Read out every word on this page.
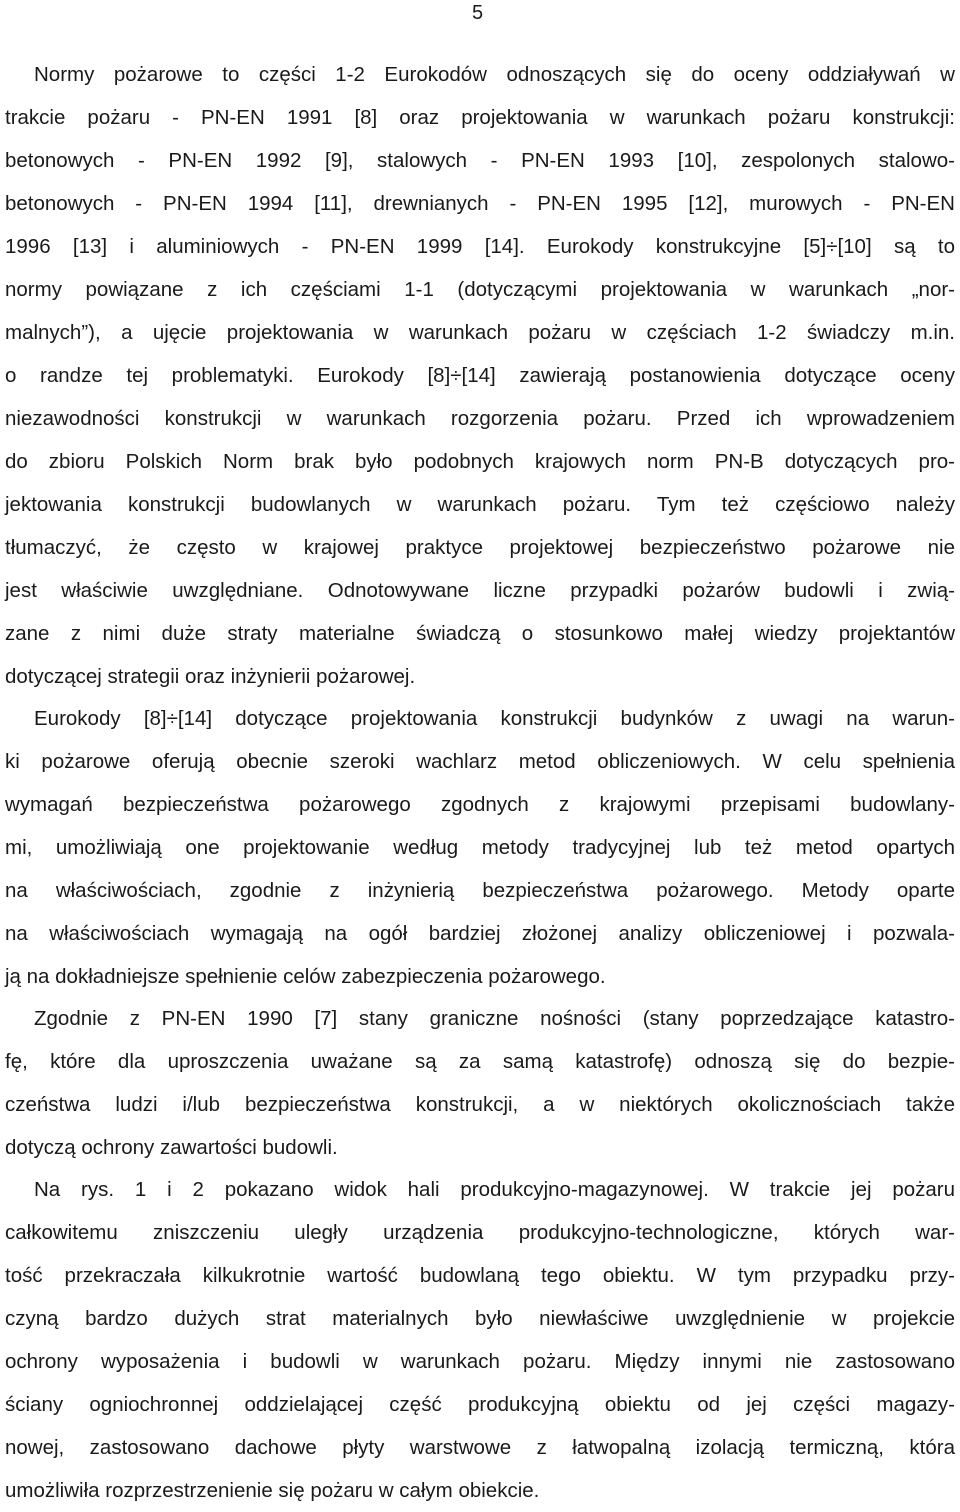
5
Normy pożarowe to części 1-2 Eurokodów odnoszących się do oceny oddziaływań w
trakcie pożaru - PN-EN 1991 [8] oraz projektowania w warunkach pożaru konstrukcji:
betonowych - PN-EN 1992 [9], stalowych - PN-EN 1993 [10], zespolonych stalowo-
betonowych - PN-EN 1994 [11], drewnianych - PN-EN 1995 [12], murowych - PN-EN
1996 [13] i aluminiowych - PN-EN 1999 [14]. Eurokody konstrukcyjne [5]÷[10] są to
normy powiązane z ich częściami 1-1 (dotyczącymi projektowania w warunkach „nor-
malnych”), a ujęcie projektowania w warunkach pożaru w częściach 1-2 świadczy m.in.
o randze tej problematyki. Eurokody [8]÷[14] zawierają postanowienia dotyczące oceny
niezawodności konstrukcji w warunkach rozgorzenia pożaru. Przed ich wprowadzeniem
do zbioru Polskich Norm brak było podobnych krajowych norm PN-B dotyczących pro-
jektowania konstrukcji budowlanych w warunkach pożaru. Tym też częściowo należy
tłumaczyć, że często w krajowej praktyce projektowej bezpieczeństwo pożarowe nie
jest właściwie uwzględniane. Odnotowywane liczne przypadki pożarów budowli i zwią-
zane z nimi duże straty materialne świadczą o stosunkowo małej wiedzy projektantów
dotyczącej strategii oraz inżynierii pożarowej.
Eurokody [8]÷[14] dotyczące projektowania konstrukcji budynków z uwagi na warun-
ki pożarowe oferują obecnie szeroki wachlarz metod obliczeniowych. W celu spełnienia
wymagań bezpieczeństwa pożarowego zgodnych z krajowymi przepisami budowlany-
mi, umożliwiają one projektowanie według metody tradycyjnej lub też metod opartych
na właściwościach, zgodnie z inżynierią bezpieczeństwa pożarowego. Metody oparte
na właściwościach wymagają na ogół bardziej złożonej analizy obliczeniowej i pozwala-
ją na dokładniejsze spełnienie celów zabezpieczenia pożarowego.
Zgodnie z PN-EN 1990 [7] stany graniczne nośności (stany poprzedzające katastro-
fę, które dla uproszczenia uważane są za samą katastrofę) odnoszą się do bezpie-
czeństwa ludzi i/lub bezpieczeństwa konstrukcji, a w niektórych okolicznościach także
dotyczą ochrony zawartości budowli.
Na rys. 1 i 2 pokazano widok hali produkcyjno-magazynowej. W trakcie jej pożaru
całkowitemu zniszczeniu uległy urządzenia produkcyjno-technologiczne, których war-
tość przekraczała kilkukrotnie wartość budowlaną tego obiektu. W tym przypadku przy-
czyną bardzo dużych strat materialnych było niewłaściwe uwzględnienie w projekcie
ochrony wyposażenia i budowli w warunkach pożaru. Między innymi nie zastosowano
ściany ogniochronnej oddzielającej część produkcyjną obiektu od jej części magazy-
nowej, zastosowano dachowe płyty warstwowe z łatwopalną izolacją termiczną, która
umożliwiła rozprzestrzenienie się pożaru w całym obiekcie.
